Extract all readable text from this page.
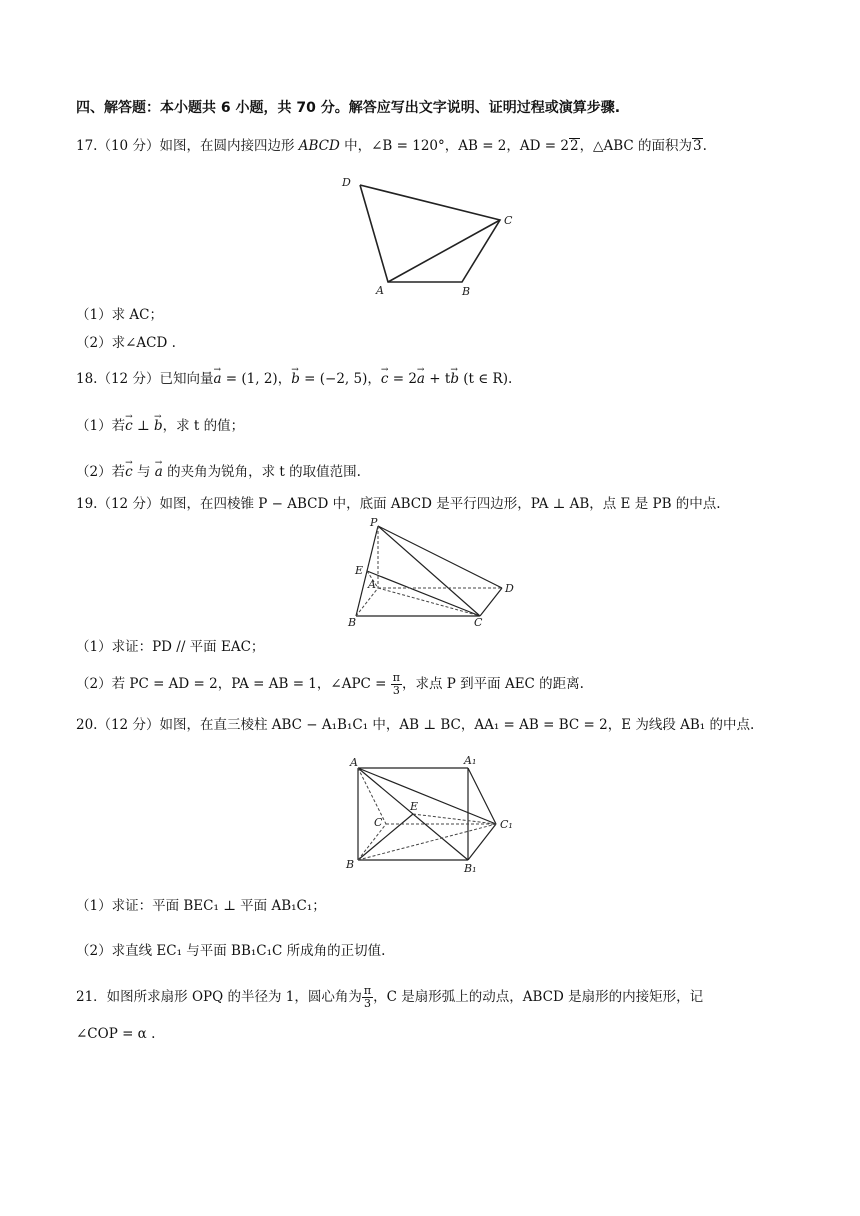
四、解答题：本小题共 6 小题，共 70 分。解答应写出文字说明、证明过程或演算步骤.
17.（10 分）如图，在圆内接四边形 ABCD 中，∠B = 120°，AB = 2，AD = 22，△ABC 的面积为3.
D
C
A	B
（1）求 AC；
（2）求∠ACD .
18.（12 分）已知向量→ a = (1, 2)，→ b = (−2, 5)，→ c = 2→ a + t→ b (t ∈ R).
（1）若→ c ⊥ → b，求 t 的值；
（2）若→ c 与 → a 的夹角为锐角，求 t 的取值范围.
19.（12 分）如图，在四棱锥 P − ABCD 中，底面 ABCD 是平行四边形，PA ⊥ AB，点 E 是 PB 的中点.
P
E
A	D
B	C
（1）求证：PD // 平面 EAC；
（2）若 PC = AD = 2，PA = AB = 1，∠APC = $\frac{\pi}{3}$ ，求点 P 到平面 AEC 的距离.
20.（12 分）如图，在直三棱柱 ABC − A₁B₁C₁ 中，AB ⊥ BC，AA₁ = AB = BC = 2，E 为线段 AB₁ 的中点.
A	A₁
E
C	C₁
B	B₁
（1）求证：平面 BEC₁ ⊥ 平面 AB₁C₁；
（2）求直线 EC₁ 与平面 BB₁C₁C 所成角的正切值.
21．如图所求扇形 OPQ 的半径为 1，圆心角为 $\frac{\pi}{3}$ ，C 是扇形弧上的动点，ABCD 是扇形的内接矩形，记
∠COP = α .
